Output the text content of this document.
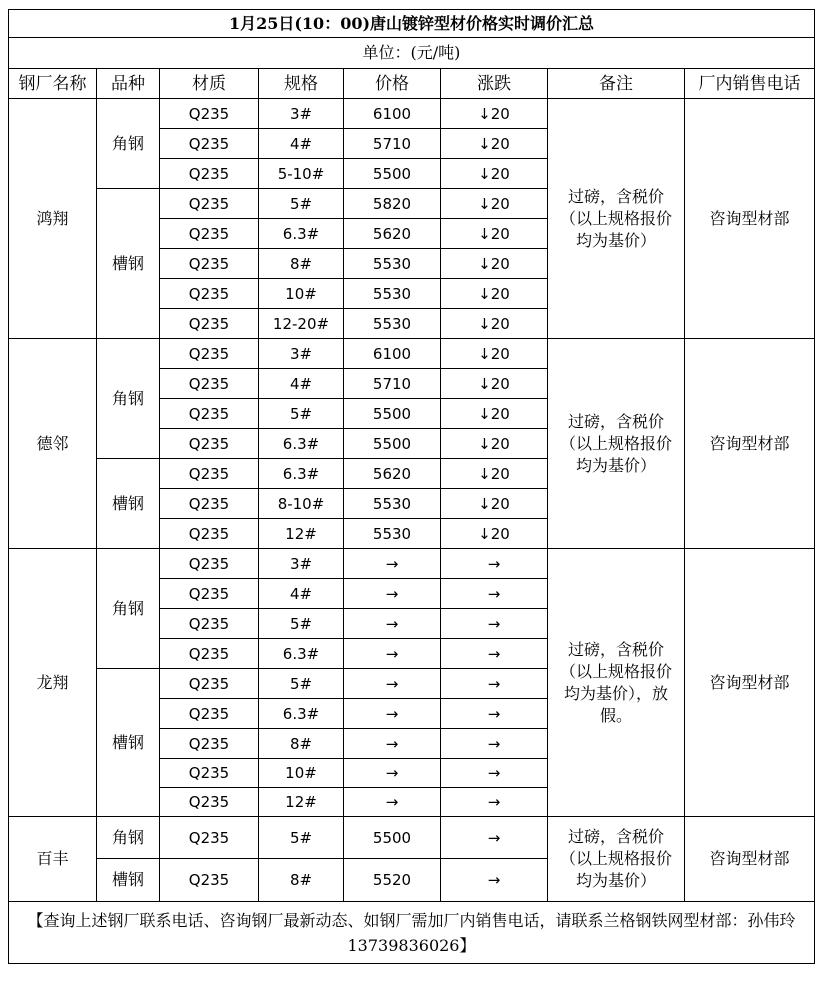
1月25日(10：00)唐山镀锌型材价格实时调价汇总							
单位：(元/吨)							
钢厂名称	品种	材质	规格	价格	涨跌	备注	厂内销售电话
鸿翔	角钢	Q235	3#	6100	↓20	过磅，含税价（以上规格报价均为基价）	咨询型材部
		Q235	4#	5710	↓20		
		Q235	5-10#	5500	↓20		
	槽钢	Q235	5#	5820	↓20		
		Q235	6.3#	5620	↓20		
		Q235	8#	5530	↓20		
		Q235	10#	5530	↓20		
		Q235	12-20#	5530	↓20		
德邻	角钢	Q235	3#	6100	↓20	过磅，含税价（以上规格报价均为基价）	咨询型材部
		Q235	4#	5710	↓20		
		Q235	5#	5500	↓20		
		Q235	6.3#	5500	↓20		
	槽钢	Q235	6.3#	5620	↓20		
		Q235	8-10#	5530	↓20		
		Q235	12#	5530	↓20		
龙翔	角钢	Q235	3#	→	→	过磅，含税价（以上规格报价均为基价），放假。	咨询型材部
		Q235	4#	→	→		
		Q235	5#	→	→		
		Q235	6.3#	→	→		
	槽钢	Q235	5#	→	→		
		Q235	6.3#	→	→		
		Q235	8#	→	→		
		Q235	10#	→	→		
		Q235	12#	→	→		
百丰	角钢	Q235	5#	5500	→	过磅，含税价（以上规格报价均为基价）	咨询型材部
	槽钢	Q235	8#	5520	→		
【查询上述钢厂联系电话、咨询钢厂最新动态、如钢厂需加厂内销售电话，请联系兰格钢铁网型材部：孙伟玲13739836026】							
